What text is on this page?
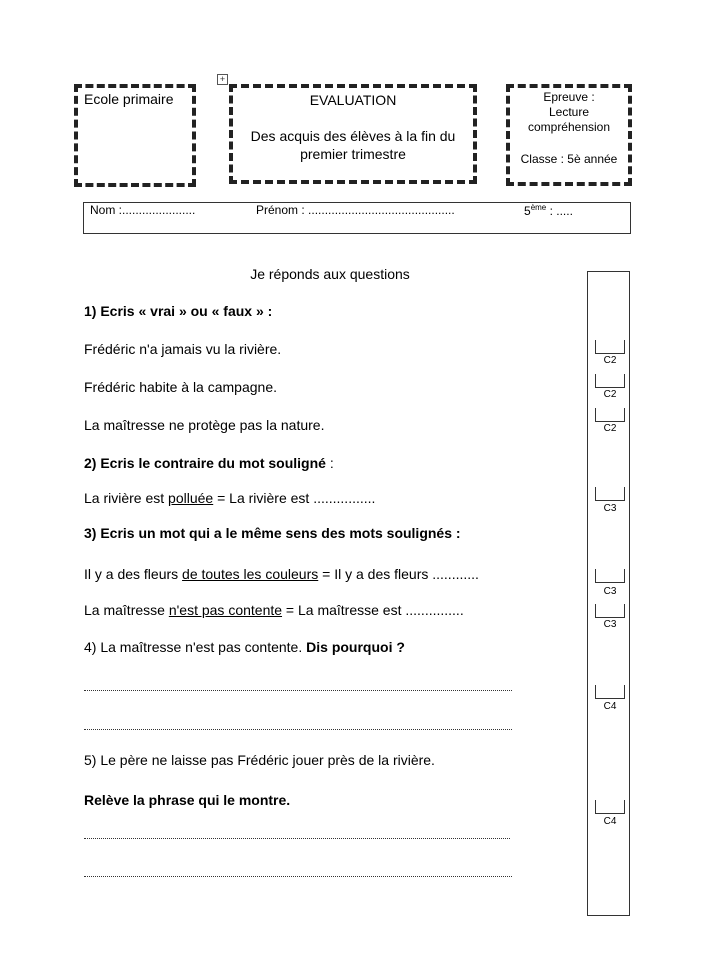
Ecole primaire
+
EVALUATION
Des acquis des élèves à la fin du premier trimestre
Epreuve :
Lecture
compréhension
Classe : 5è année
Nom :......................	Prénom : ............................................	5ème : .....
Je réponds aux questions
1) Ecris « vrai » ou « faux » :
Frédéric n'a jamais vu la rivière.
Frédéric habite à la campagne.
La maîtresse ne protège pas la nature.
2) Ecris le contraire du mot souligné :
La rivière est polluée = La rivière est ................
3) Ecris un mot qui a le même sens des mots soulignés :
Il y a des fleurs de toutes les couleurs = Il y a des fleurs ............
La maîtresse n'est pas contente = La maîtresse est ...............
4) La maîtresse n'est pas contente. Dis pourquoi ?
5) Le père ne laisse pas Frédéric jouer près de la rivière.
Relève la phrase qui le montre.
C2
C2
C2
C3
C3
C3
C4
C4
